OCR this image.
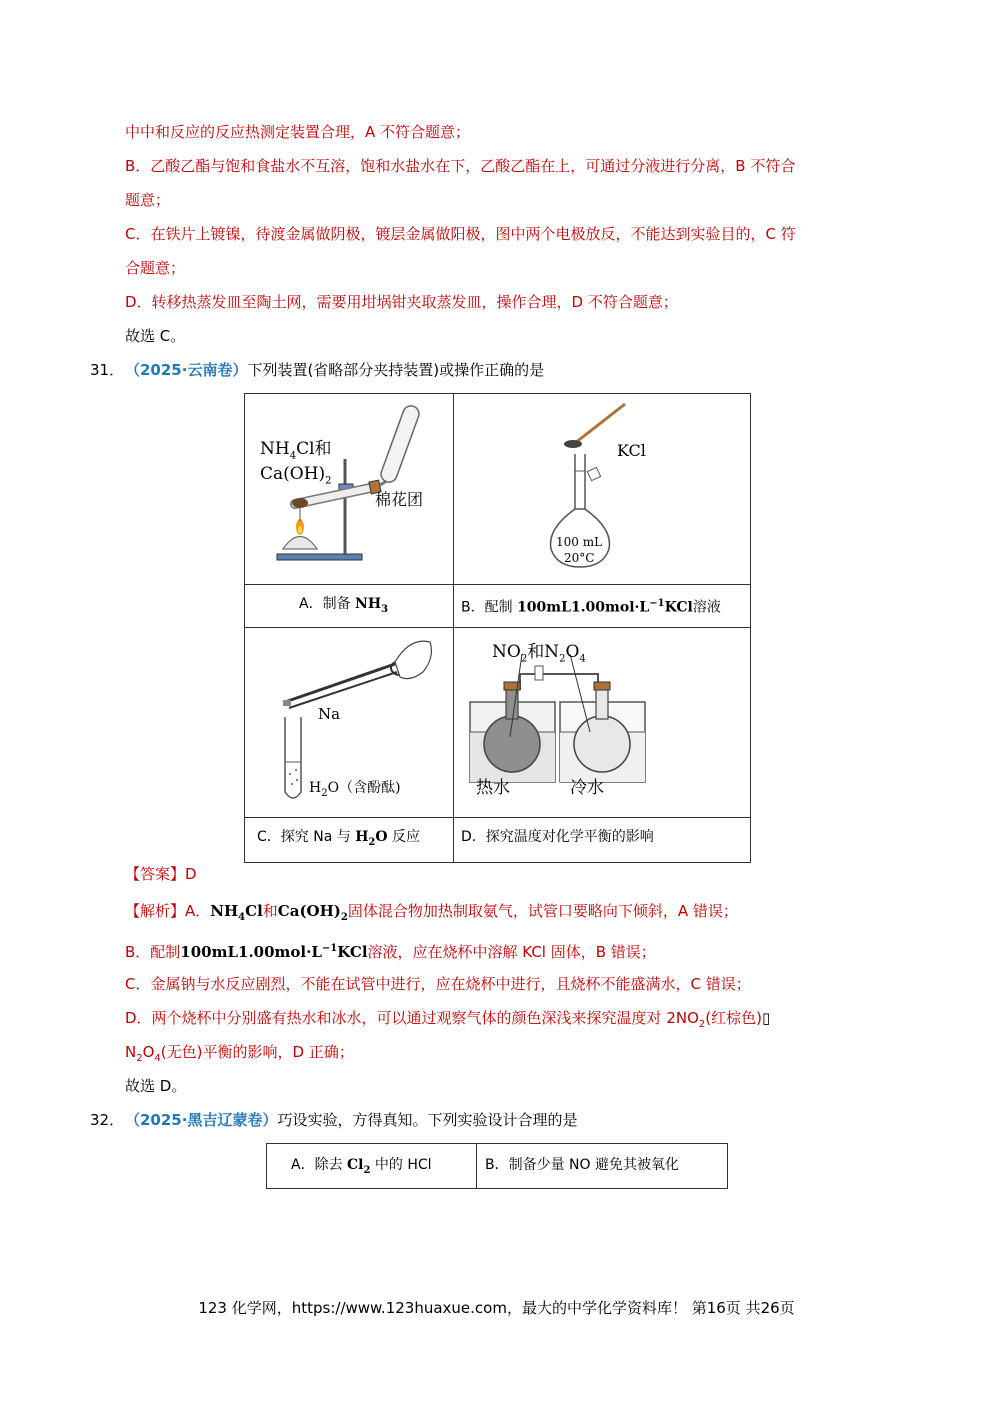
中中和反应的反应热测定装置合理，A 不符合题意；
B．乙酸乙酯与饱和食盐水不互溶，饱和水盐水在下，乙酸乙酯在上，可通过分液进行分离，B 不符合
题意；
C．在铁片上镀镍，待渡金属做阴极，镀层金属做阳极，图中两个电极放反，不能达到实验目的，C 符
合题意；
D．转移热蒸发皿至陶土网，需要用坩埚钳夹取蒸发皿，操作合理，D 不符合题意；
故选 C。
31． （2025·云南卷）下列装置(省略部分夹持装置)或操作正确的是
$NH_4Cl$和
$Ca(OH)_2$
棉花团
KCl
100 mL
20°C
A．制备 $NH_3$	B．配制 $100mL1.00mol\cdot L^{-1}KCl$溶液
Na
$H_2O$（含酚酞)
$NO_2$和$N_2O_4$
热水	冷水
C．探究 Na 与 $H_2O$ 反应	D．探究温度对化学平衡的影响
【答案】D
【解析】A．$NH_4Cl$和$Ca(OH)_2$固体混合物加热制取氨气，试管口要略向下倾斜，A 错误；
B．配制$100mL1.00mol\cdot L^{-1}KCl$溶液，应在烧杯中溶解 KCl 固体，B 错误；
C．金属钠与水反应剧烈，不能在试管中进行，应在烧杯中进行，且烧杯不能盛满水，C 错误；
D．两个烧杯中分别盛有热水和冰水，可以通过观察气体的颜色深浅来探究温度对 $2NO_2$(红棕色)▯
$N_2O_4$(无色)平衡的影响，D 正确；
故选 D。
32． （2025·黑吉辽蒙卷）巧设实验，方得真知。下列实验设计合理的是
A．除去 $Cl_2$ 中的 HCl	B．制备少量 NO 避免其被氧化
123 化学网，https://www.123huaxue.com，最大的中学化学资料库！ 第16页 共26页
